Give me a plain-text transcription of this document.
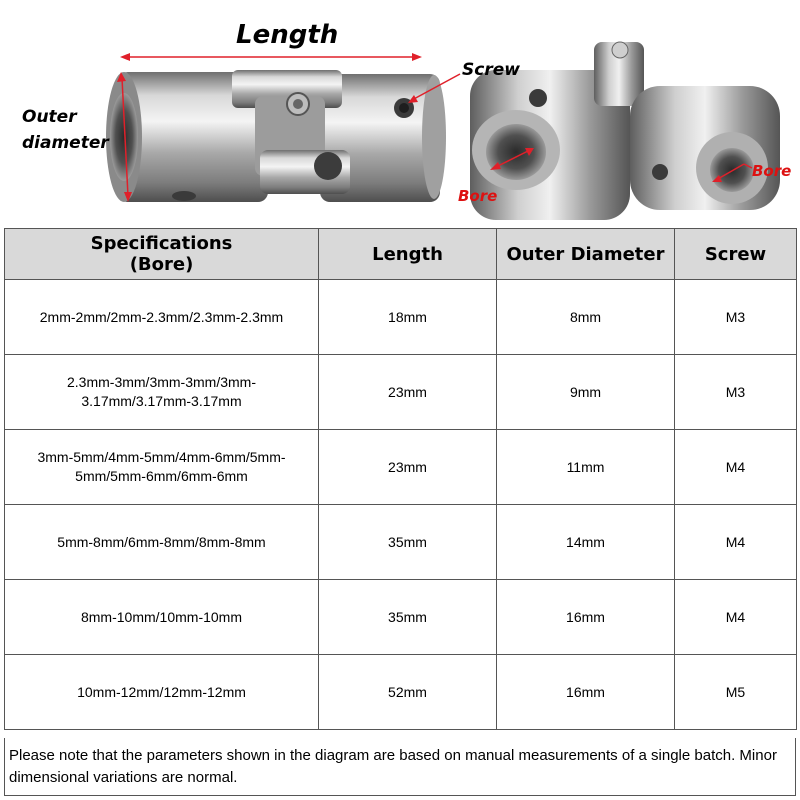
Length
Screw
Outer
diameter
Bore
Bore
Specifications
(Bore)	Length	Outer Diameter	Screw
2mm-2mm/2mm-2.3mm/2.3mm-2.3mm	18mm	8mm	M3
2.3mm-3mm/3mm-3mm/3mm-3.17mm/3.17mm-3.17mm	23mm	9mm	M3
3mm-5mm/4mm-5mm/4mm-6mm/5mm-5mm/5mm-6mm/6mm-6mm	23mm	11mm	M4
5mm-8mm/6mm-8mm/8mm-8mm	35mm	14mm	M4
8mm-10mm/10mm-10mm	35mm	16mm	M4
10mm-12mm/12mm-12mm	52mm	16mm	M5
Please note that the parameters shown in the diagram are based on manual measurements of a single batch. Minor dimensional variations are normal.
